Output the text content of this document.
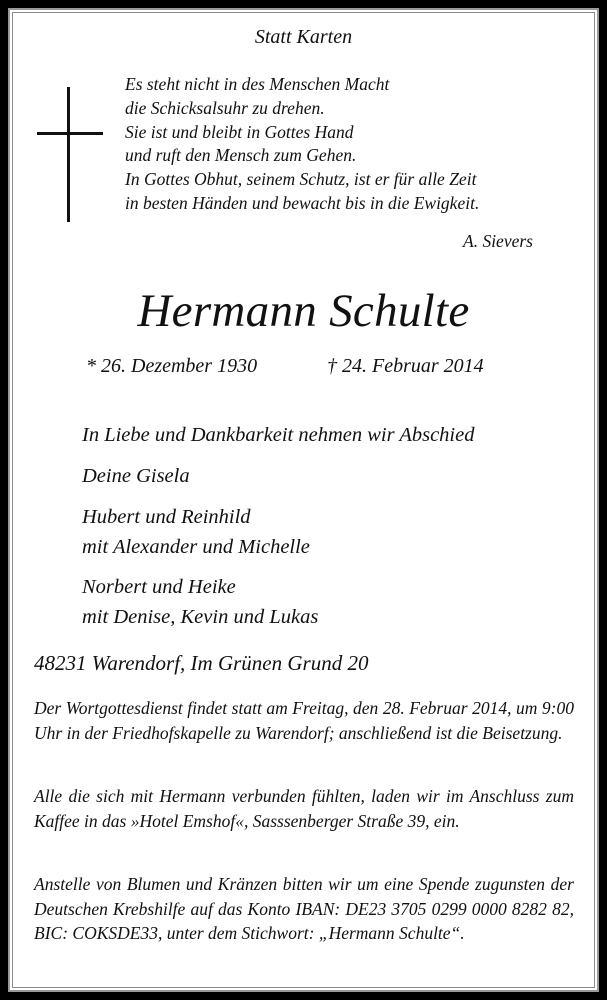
Statt Karten
Es steht nicht in des Menschen Macht
die Schicksalsuhr zu drehen.
Sie ist und bleibt in Gottes Hand
und ruft den Mensch zum Gehen.
In Gottes Obhut, seinem Schutz, ist er für alle Zeit
in besten Händen und bewacht bis in die Ewigkeit.
A. Sievers
Hermann Schulte
* 26. Dezember 1930	† 24. Februar 2014
In Liebe und Dankbarkeit nehmen wir Abschied
Deine Gisela
Hubert und Reinhild
mit Alexander und Michelle
Norbert und Heike
mit Denise, Kevin und Lukas
48231 Warendorf, Im Grünen Grund 20
Der Wortgottesdienst findet statt am Freitag, den 28. Februar 2014, um 9:00 Uhr in der Friedhofskapelle zu Warendorf; anschließend ist die Beisetzung.
Alle die sich mit Hermann verbunden fühlten, laden wir im Anschluss zum Kaffee in das »Hotel Emshof«, Sasssenberger Straße 39, ein.
Anstelle von Blumen und Kränzen bitten wir um eine Spende zugunsten der Deutschen Krebshilfe auf das Konto IBAN: DE23 3705 0299 0000 8282 82, BIC: COKSDE33, unter dem Stichwort: „Hermann Schulte“.
